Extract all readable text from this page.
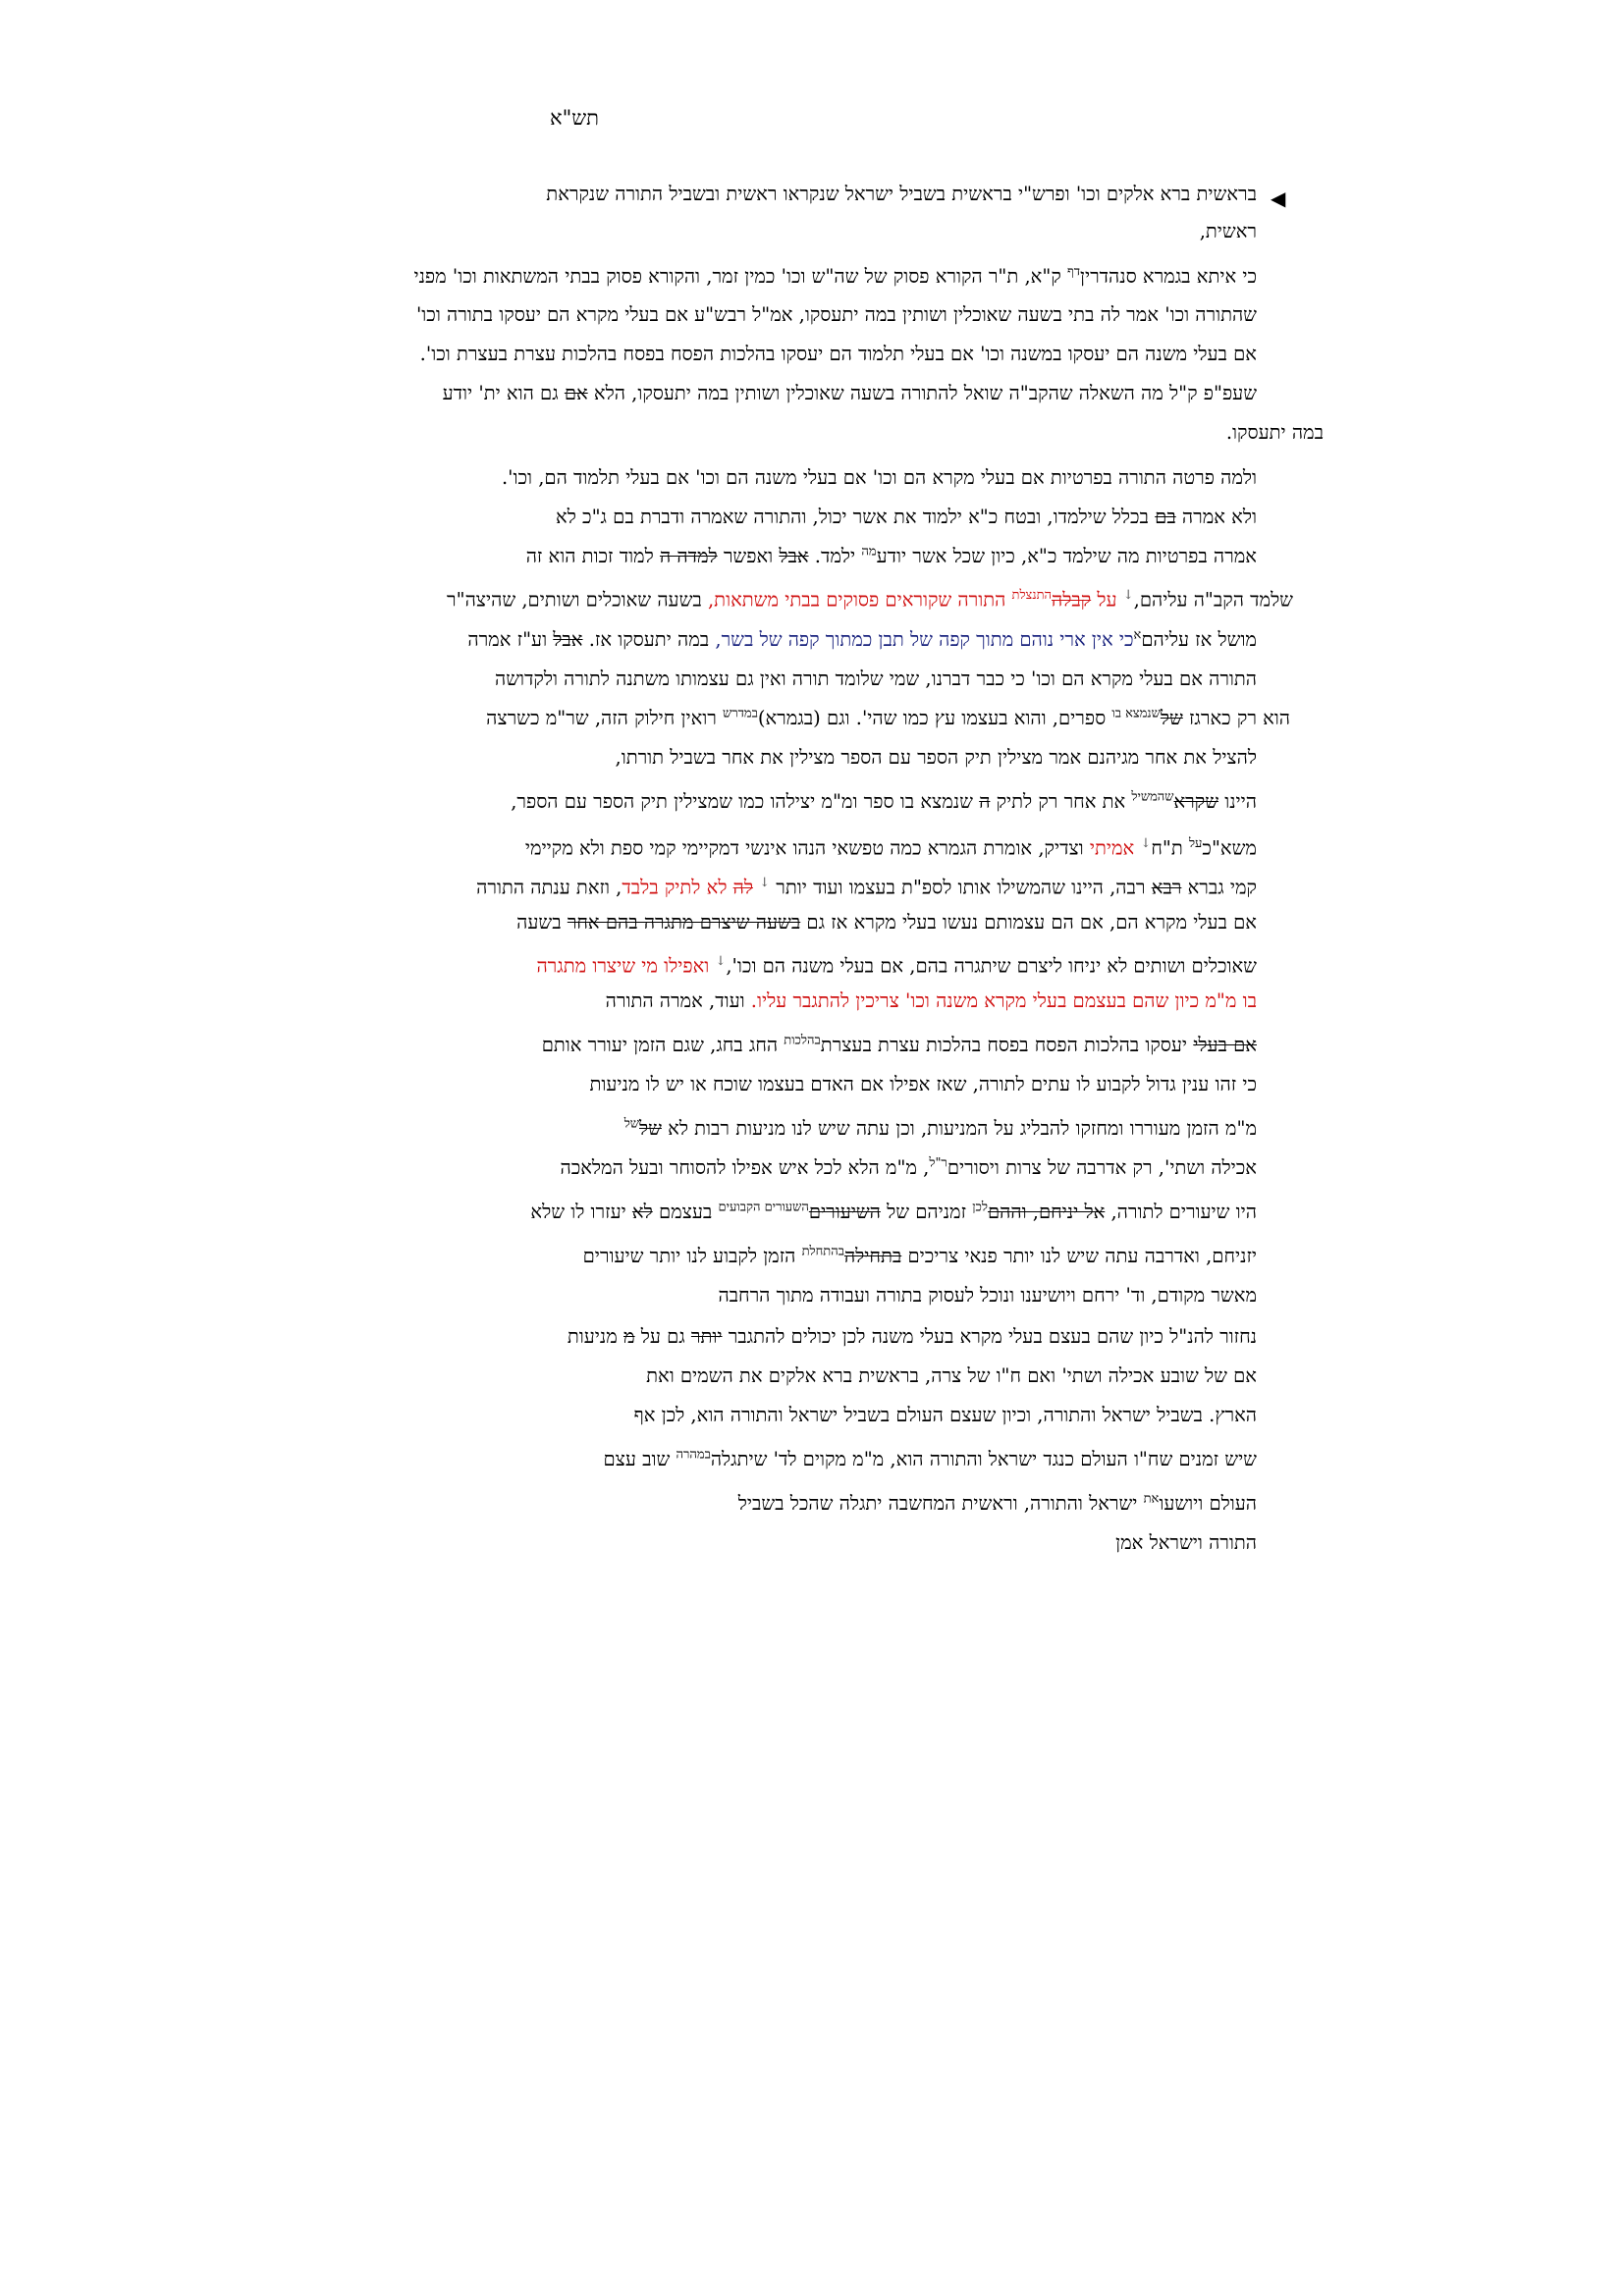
תש"א
◀
בראשית ברא אלקים וכו' ופרש"י בראשית בשביל ישראל שנקראו ראשית ובשביל התורה שנקראת
ראשית,
כי איתא בגמרא סנהדרין$^{דף}$ ק"א, ת"ר הקורא פסוק של שה"ש וכו' כמין זמר, והקורא פסוק בבתי המשתאות וכו' מפני
שהתורה וכו' אמר לה בתי בשעה שאוכלין ושותין במה יתעסקו, אמ"ל רבש"ע אם בעלי מקרא הם יעסקו בתורה וכו'
אם בעלי משנה הם יעסקו במשנה וכו' אם בעלי תלמוד הם יעסקו בהלכות הפסח בפסח בהלכות עצרת בעצרת וכו'.
שעפ"פ ק"ל מה השאלה שהקב"ה שואל להתורה בשעה שאוכלין ושותין במה יתעסקו, הלא אם גם הוא ית' יודע
במה יתעסקו.
ולמה פרטה התורה בפרטיות אם בעלי מקרא הם וכו' אם בעלי משנה הם וכו' אם בעלי תלמוד הם, וכו'.
ולא אמרה בם בכלל שילמדו, ובטח כ"א ילמוד את אשר יכול, והתורה שאמרה ודברת בם ג"כ לא
אמרה בפרטיות מה שילמד כ"א, כיון שכל אשר יודע$^{מה}$ ילמד. אבל ואפשר למדה ה למוד זכות הוא זה
שלמד הקב"ה עליהם,↓ על קבלה$^{התנצלת}$ התורה שקוראים פסוקים בבתי משתאות, בשעה שאוכלים ושותים, שהיצה"ר
מושל אז עליהם$^א$כי אין ארי נוהם מתוך קפה של תבן כמתוך קפה של בשר, במה יתעסקו אז. אבל וע"ז אמרה
התורה אם בעלי מקרא הם וכו' כי כבר דברנו, שמי שלומד תורה ואין גם עצמותו משתנה לתורה ולקדושה
הוא רק כארגז של$^{שנמצא בו}$ ספרים, והוא בעצמו עץ כמו שהי'. וגם (בגמרא)$^{במדרש}$ רואין חילוק הזה, שר"מ כשרצה
להציל את אחר מגיהנם אמר מצילין תיק הספר עם הספר מצילין את אחר בשביל תורתו,
היינו שקרא$^{שהמשיל}$ את אחר רק לתיק ה שנמצא בו ספר ומ"מ יצילהו כמו שמצילין תיק הספר עם הספר,
משא"כ$^{על}$ ת"ח↓ אמיתי וצדיק, אומרת הגמרא כמה טפשאי הנהו אינשי דמקיימי קמי ספת ולא מקיימי
קמי גברא רבא רבה, היינו שהמשילו אותו לספ"ת בעצמו ועוד יותר ↓ לה לא לתיק בלבד, וזאת ענתה התורה
אם בעלי מקרא הם, אם הם עצמותם נעשו בעלי מקרא אז גם בשעה שיצרם מתגרה בהם אחר בשעה
שאוכלים ושותים לא יניחו ליצרם שיתגרה בהם, אם בעלי משנה הם וכו',↓ ואפילו מי שיצרו מתגרה
בו מ"מ כיון שהם בעצמם בעלי מקרא משנה וכו' צריכין להתגבר עליו. ועוד, אמרה התורה
אם בעלי יעסקו בהלכות הפסח בפסח בהלכות עצרת בעצרת$^{בהלכות}$ החג בחג, שגם הזמן יעורר אותם
כי זהו ענין גדול לקבוע לו עתים לתורה, שאז אפילו אם האדם בעצמו שוכח או יש לו מניעות
מ"מ הזמן מעוררו ומחזקו להבליג על המניעות, וכן עתה שיש לנו מניעות רבות לא של$^{של}$
אכילה ושתי', רק אדרבה של צרות ויסורים$^{ר"ל}$, מ"מ הלא לכל איש אפילו להסוחר ובעל המלאכה
היו שיעורים לתורה, אל יניחם, וההם$^{לכן}$ זמניהם של השיעורים$^{השעורים הקבועים}$ בעצמם לא יעזרו לו שלא
יזניחם, ואדרבה עתה שיש לנו יותר פנאי צריכים בתחילה$^{בהתחלת}$ הזמן לקבוע לנו יותר שיעורים
מאשר מקודם, וד' ירחם ויושיענו ונוכל לעסוק בתורה ועבודה מתוך הרחבה
נחזור להנ"ל כיון שהם בעצם בעלי מקרא בעלי משנה לכן יכולים להתגבר יותר גם על מ מניעות
אם של שובע אכילה ושתי' ואם ח"ו של צרה, בראשית ברא אלקים את השמים ואת
הארץ. בשביל ישראל והתורה, וכיון שעצם העולם בשביל ישראל והתורה הוא, לכן אף
שיש זמנים שח"ו העולם כנגד ישראל והתורה הוא, מ"מ מקוים לד' שיתגלה$^{במהרה}$ שוב עצם
העולם ויושעו$^{את}$ ישראל והתורה, וראשית המחשבה יתגלה שהכל בשביל
התורה וישראל אמן
